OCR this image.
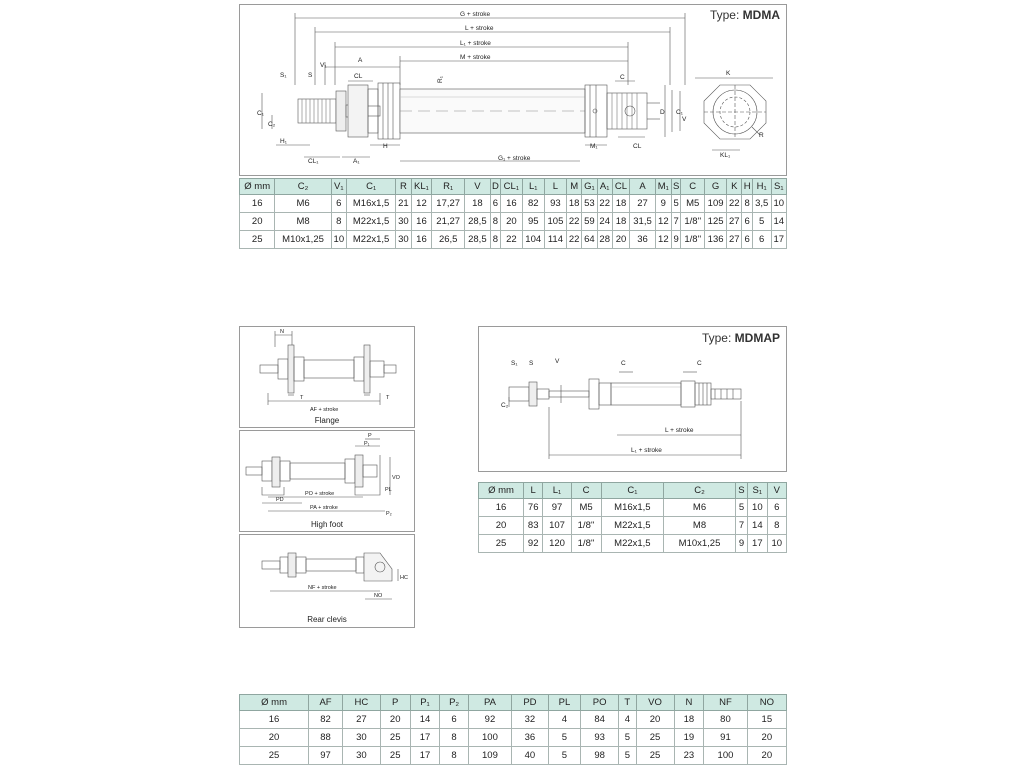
Type: MDMA
G + stroke
L + stroke
L₁ + stroke
M + stroke
G₁ + stroke
S₁	S
V₁
A
CL	R₁
C₁
C₂
H₁
CL₁	A₁
H	M₁	CL
C
D C₁
V
K
R
KL₁
Ø mm	C₂	V₁	C₁	R	KL₁	R₁	V	D	CL₁	L₁	L	M	G₁	A₁	CL	A	M₁	S	C	G	K	H	H₁	S₁
16	M6	6	M16x1,5	21	12	17,27	18	6	16	82	93	18	53	22	18	27	9	5	M5	109	22	8	3,5	10
20	M8	8	M22x1,5	30	16	21,27	28,5	8	20	95	105	22	59	24	18	31,5	12	7	1/8''	125	27	6	5	14
25	M10x1,25	10	M22x1,5	30	16	26,5	28,5	8	22	104	114	22	64	28	20	36	12	9	1/8''	136	27	6	6	17
N
T	T
AF + stroke
Flange
P
P₁
VO
PL
P₂
PD
PO + stroke
PA + stroke
High foot
HC
NF + stroke
NO
Rear clevis
Type: MDMAP
S₁ S	V	C	C
C₂
L + stroke
L₁ + stroke
Ø mm	L	L₁	C	C₁	C₂	S	S₁	V
16	76	97	M5	M16x1,5	M6	5	10	6
20	83	107	1/8''	M22x1,5	M8	7	14	8
25	92	120	1/8''	M22x1,5	M10x1,25	9	17	10
Ø mm	AF	HC	P	P₁	P₂	PA	PD	PL	PO	T	VO	N	NF	NO
16	82	27	20	14	6	92	32	4	84	4	20	18	80	15
20	88	30	25	17	8	100	36	5	93	5	25	19	91	20
25	97	30	25	17	8	109	40	5	98	5	25	23	100	20
